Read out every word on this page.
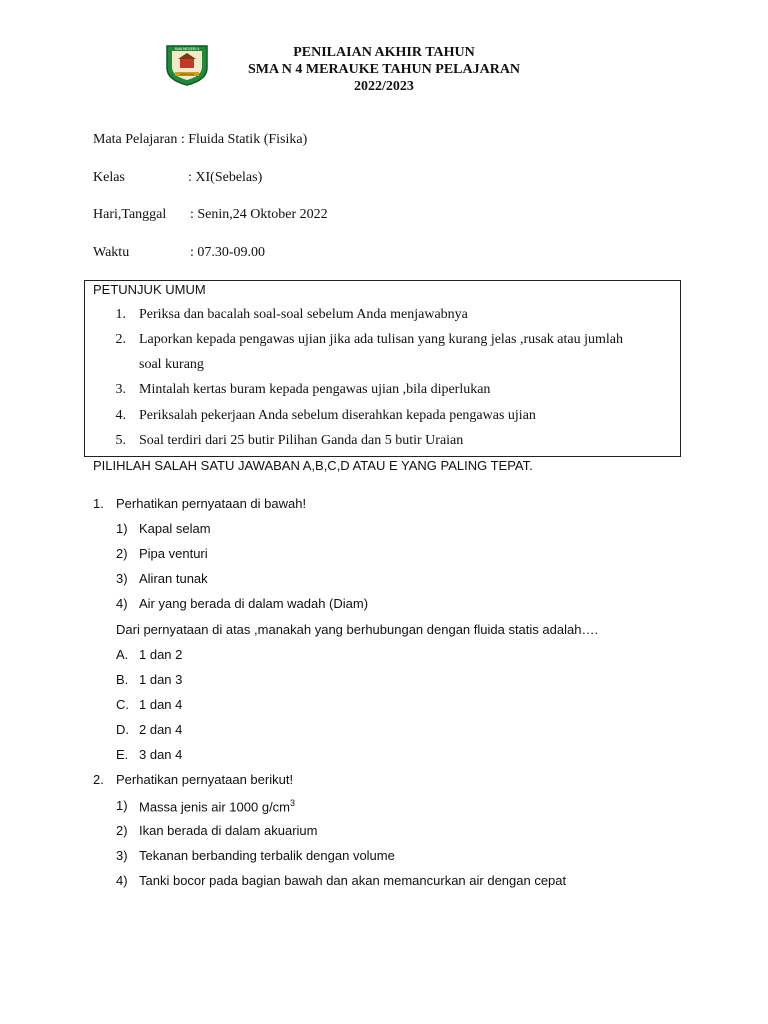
SMA NEGERI 4
MERAUKE
PENILAIAN AKHIR TAHUN
SMA N 4 MERAUKE TAHUN PELAJARAN
2022/2023
Mata Pelajaran : Fluida Statik (Fisika)
Kelas	: XI(Sebelas)
Hari,Tanggal : Senin,24 Oktober 2022
Waktu	: 07.30-09.00
PETUNJUK UMUM
1. Periksa dan bacalah soal-soal sebelum Anda menjawabnya
2. Laporkan kepada pengawas ujian jika ada tulisan yang kurang jelas ,rusak atau jumlah
soal kurang
3. Mintalah kertas buram kepada pengawas ujian ,bila diperlukan
4. Periksalah pekerjaan Anda sebelum diserahkan kepada pengawas ujian
5. Soal terdiri dari 25 butir Pilihan Ganda dan 5 butir Uraian
PILIHLAH SALAH SATU JAWABAN A,B,C,D ATAU E YANG PALING TEPAT.
1. Perhatikan pernyataan di bawah!
1) Kapal selam
2) Pipa venturi
3) Aliran tunak
4) Air yang berada di dalam wadah (Diam)
Dari pernyataan di atas ,manakah yang berhubungan dengan fluida statis adalah….
A. 1 dan 2
B. 1 dan 3
C. 1 dan 4
D. 2 dan 4
E. 3 dan 4
2. Perhatikan pernyataan berikut!
1) Massa jenis air 1000 $g/cm^3$
2) Ikan berada di dalam akuarium
3) Tekanan berbanding terbalik dengan volume
4) Tanki bocor pada bagian bawah dan akan memancurkan air dengan cepat
